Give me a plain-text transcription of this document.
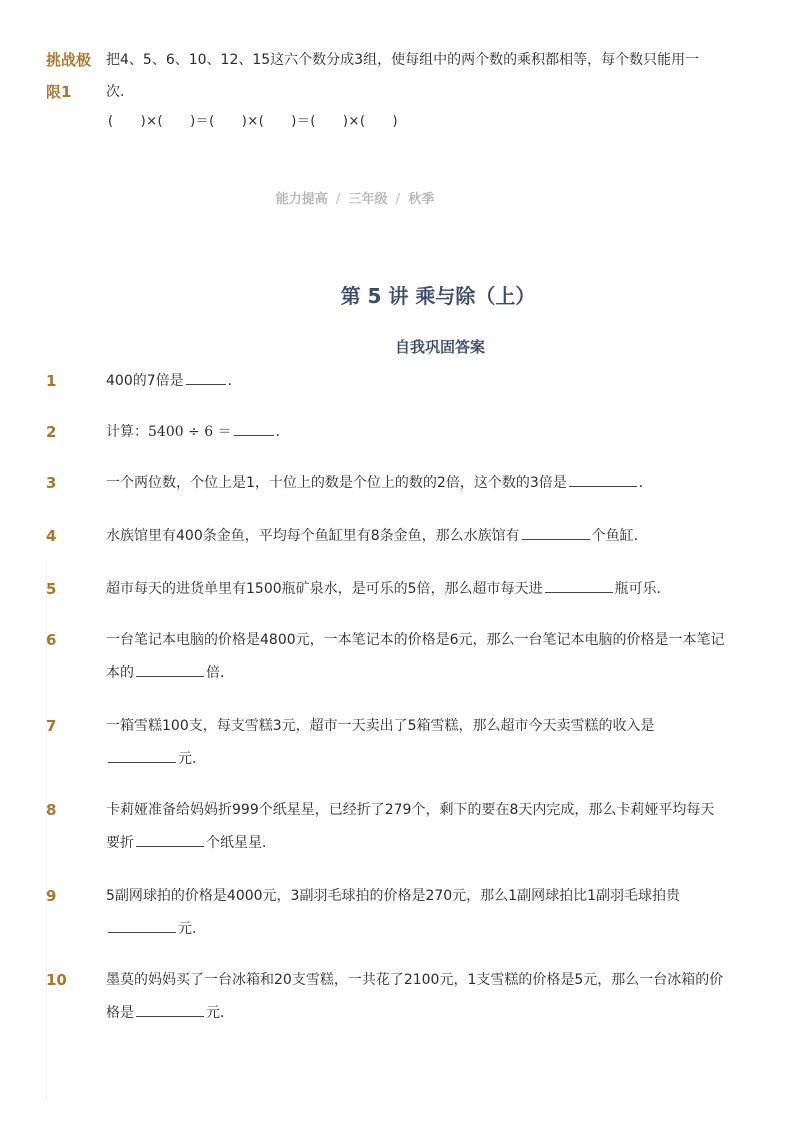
挑战极
限1
把4、5、6、10、12、15这六个数分成3组，使每组中的两个数的乘积都相等，每个数只能用一次．
(　　)×(　　)＝(　　)×(　　)＝(　　)×(　　)
能力提高 / 三年级 / 秋季
第 5 讲 乘与除（上）
自我巩固答案
1	400的7倍是	．
2	计算：5400 ÷ 6 ＝	．
3	一个两位数，个位上是1，十位上的数是个位上的数的2倍，这个数的3倍是	．
4	水族馆里有400条金鱼，平均每个鱼缸里有8条金鱼，那么水族馆有	个鱼缸．
5	超市每天的进货单里有1500瓶矿泉水，是可乐的5倍，那么超市每天进	瓶可乐．
6	一台笔记本电脑的价格是4800元，一本笔记本的价格是6元，那么一台笔记本电脑的价格是一本笔记本的	倍．
7	一箱雪糕100支，每支雪糕3元，超市一天卖出了5箱雪糕，那么超市今天卖雪糕的收入是元．
8	卡莉娅准备给妈妈折999个纸星星，已经折了279个，剩下的要在8天内完成，那么卡莉娅平均每天要折	个纸星星．
9	5副网球拍的价格是4000元，3副羽毛球拍的价格是270元，那么1副网球拍比1副羽毛球拍贵元．
10	墨莫的妈妈买了一台冰箱和20支雪糕，一共花了2100元，1支雪糕的价格是5元，那么一台冰箱的价格是	元．
